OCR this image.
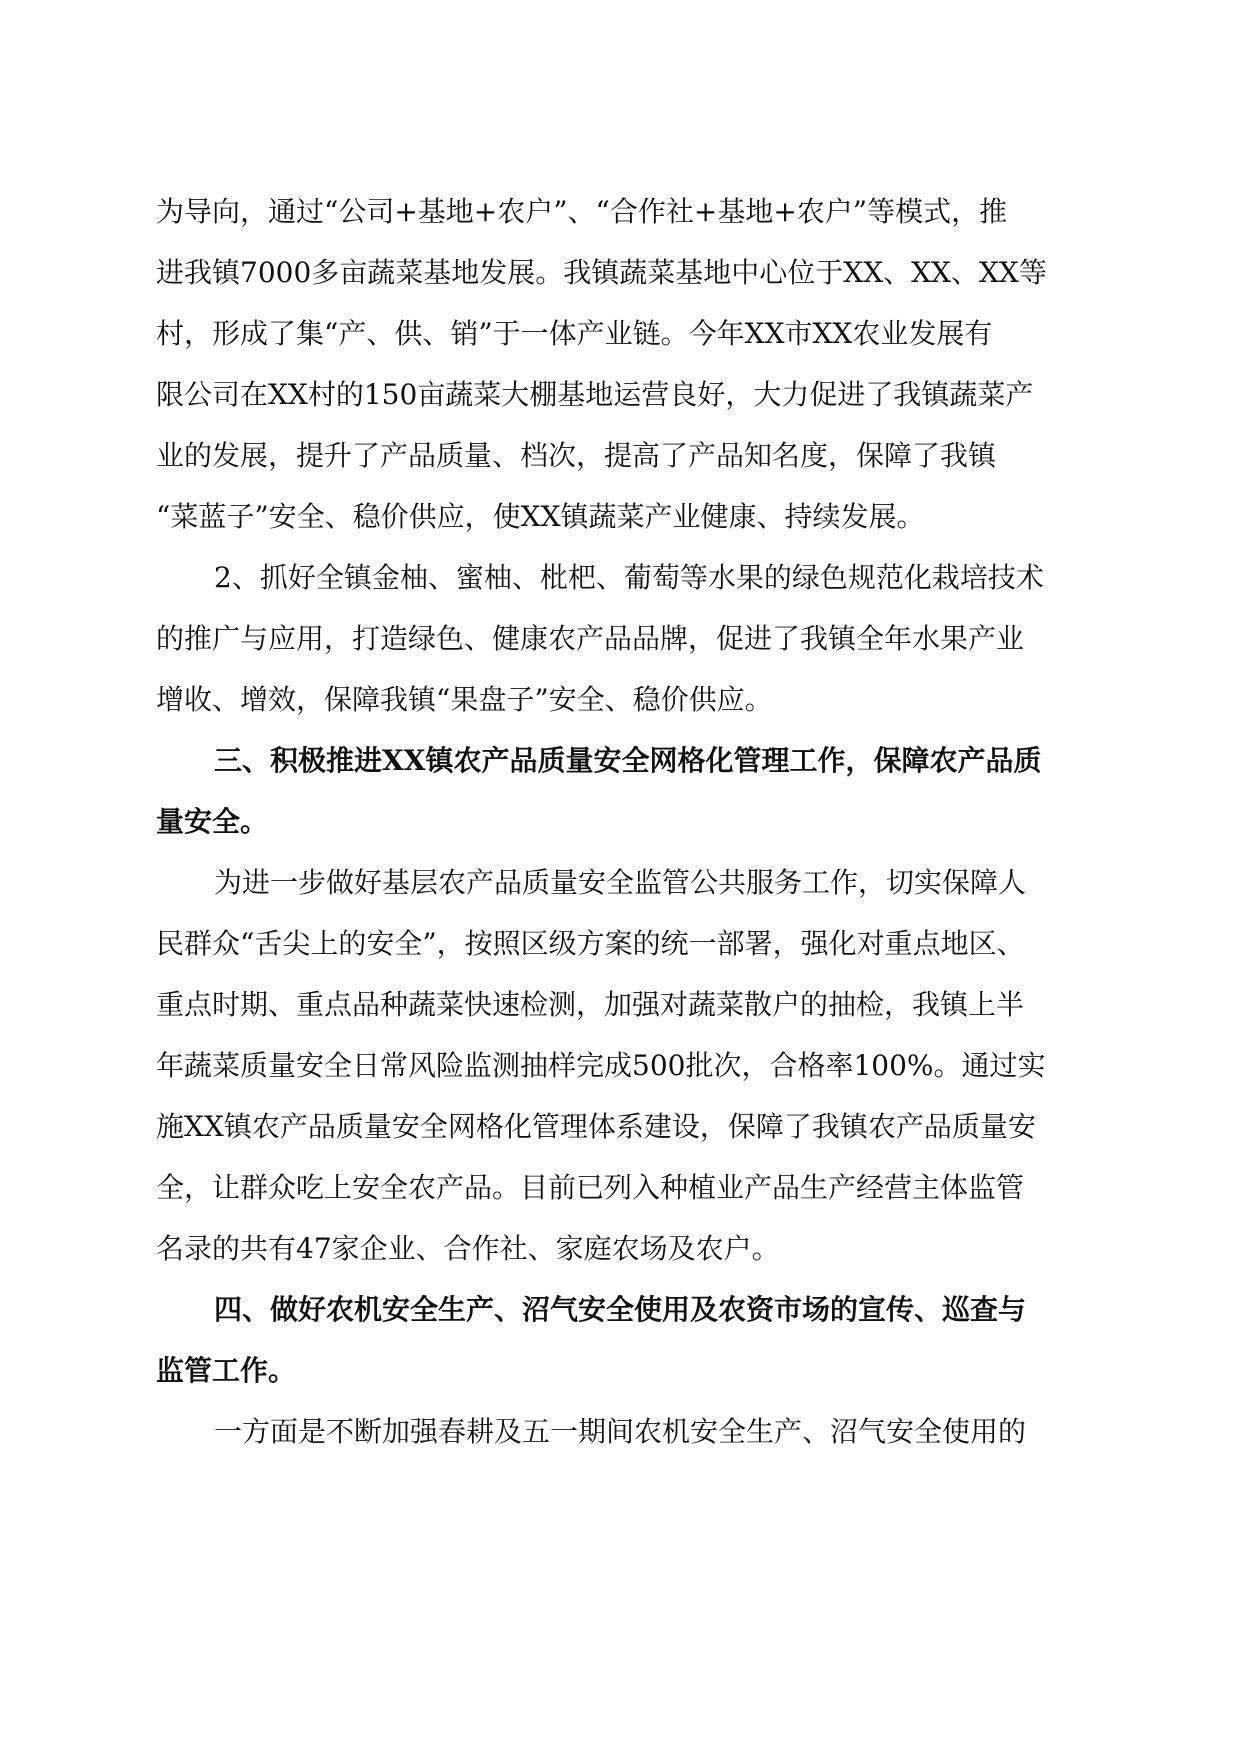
为导向，通过“公司+基地+农户”、“合作社+基地+农户”等模式，推
进我镇7000多亩蔬菜基地发展。我镇蔬菜基地中心位于XX、XX、XX等
村，形成了集“产、供、销”于一体产业链。今年XX市XX农业发展有
限公司在XX村的150亩蔬菜大棚基地运营良好，大力促进了我镇蔬菜产
业的发展，提升了产品质量、档次，提高了产品知名度，保障了我镇
“菜蓝子”安全、稳价供应，使XX镇蔬菜产业健康、持续发展。
2、抓好全镇金柚、蜜柚、枇杷、葡萄等水果的绿色规范化栽培技术
的推广与应用，打造绿色、健康农产品品牌，促进了我镇全年水果产业
增收、增效，保障我镇“果盘子”安全、稳价供应。
三、积极推进XX镇农产品质量安全网格化管理工作，保障农产品质
量安全。
为进一步做好基层农产品质量安全监管公共服务工作，切实保障人
民群众“舌尖上的安全”，按照区级方案的统一部署，强化对重点地区、
重点时期、重点品种蔬菜快速检测，加强对蔬菜散户的抽检，我镇上半
年蔬菜质量安全日常风险监测抽样完成500批次，合格率100%。通过实
施XX镇农产品质量安全网格化管理体系建设，保障了我镇农产品质量安
全，让群众吃上安全农产品。目前已列入种植业产品生产经营主体监管
名录的共有47家企业、合作社、家庭农场及农户。
四、做好农机安全生产、沼气安全使用及农资市场的宣传、巡查与
监管工作。
一方面是不断加强春耕及五一期间农机安全生产、沼气安全使用的
